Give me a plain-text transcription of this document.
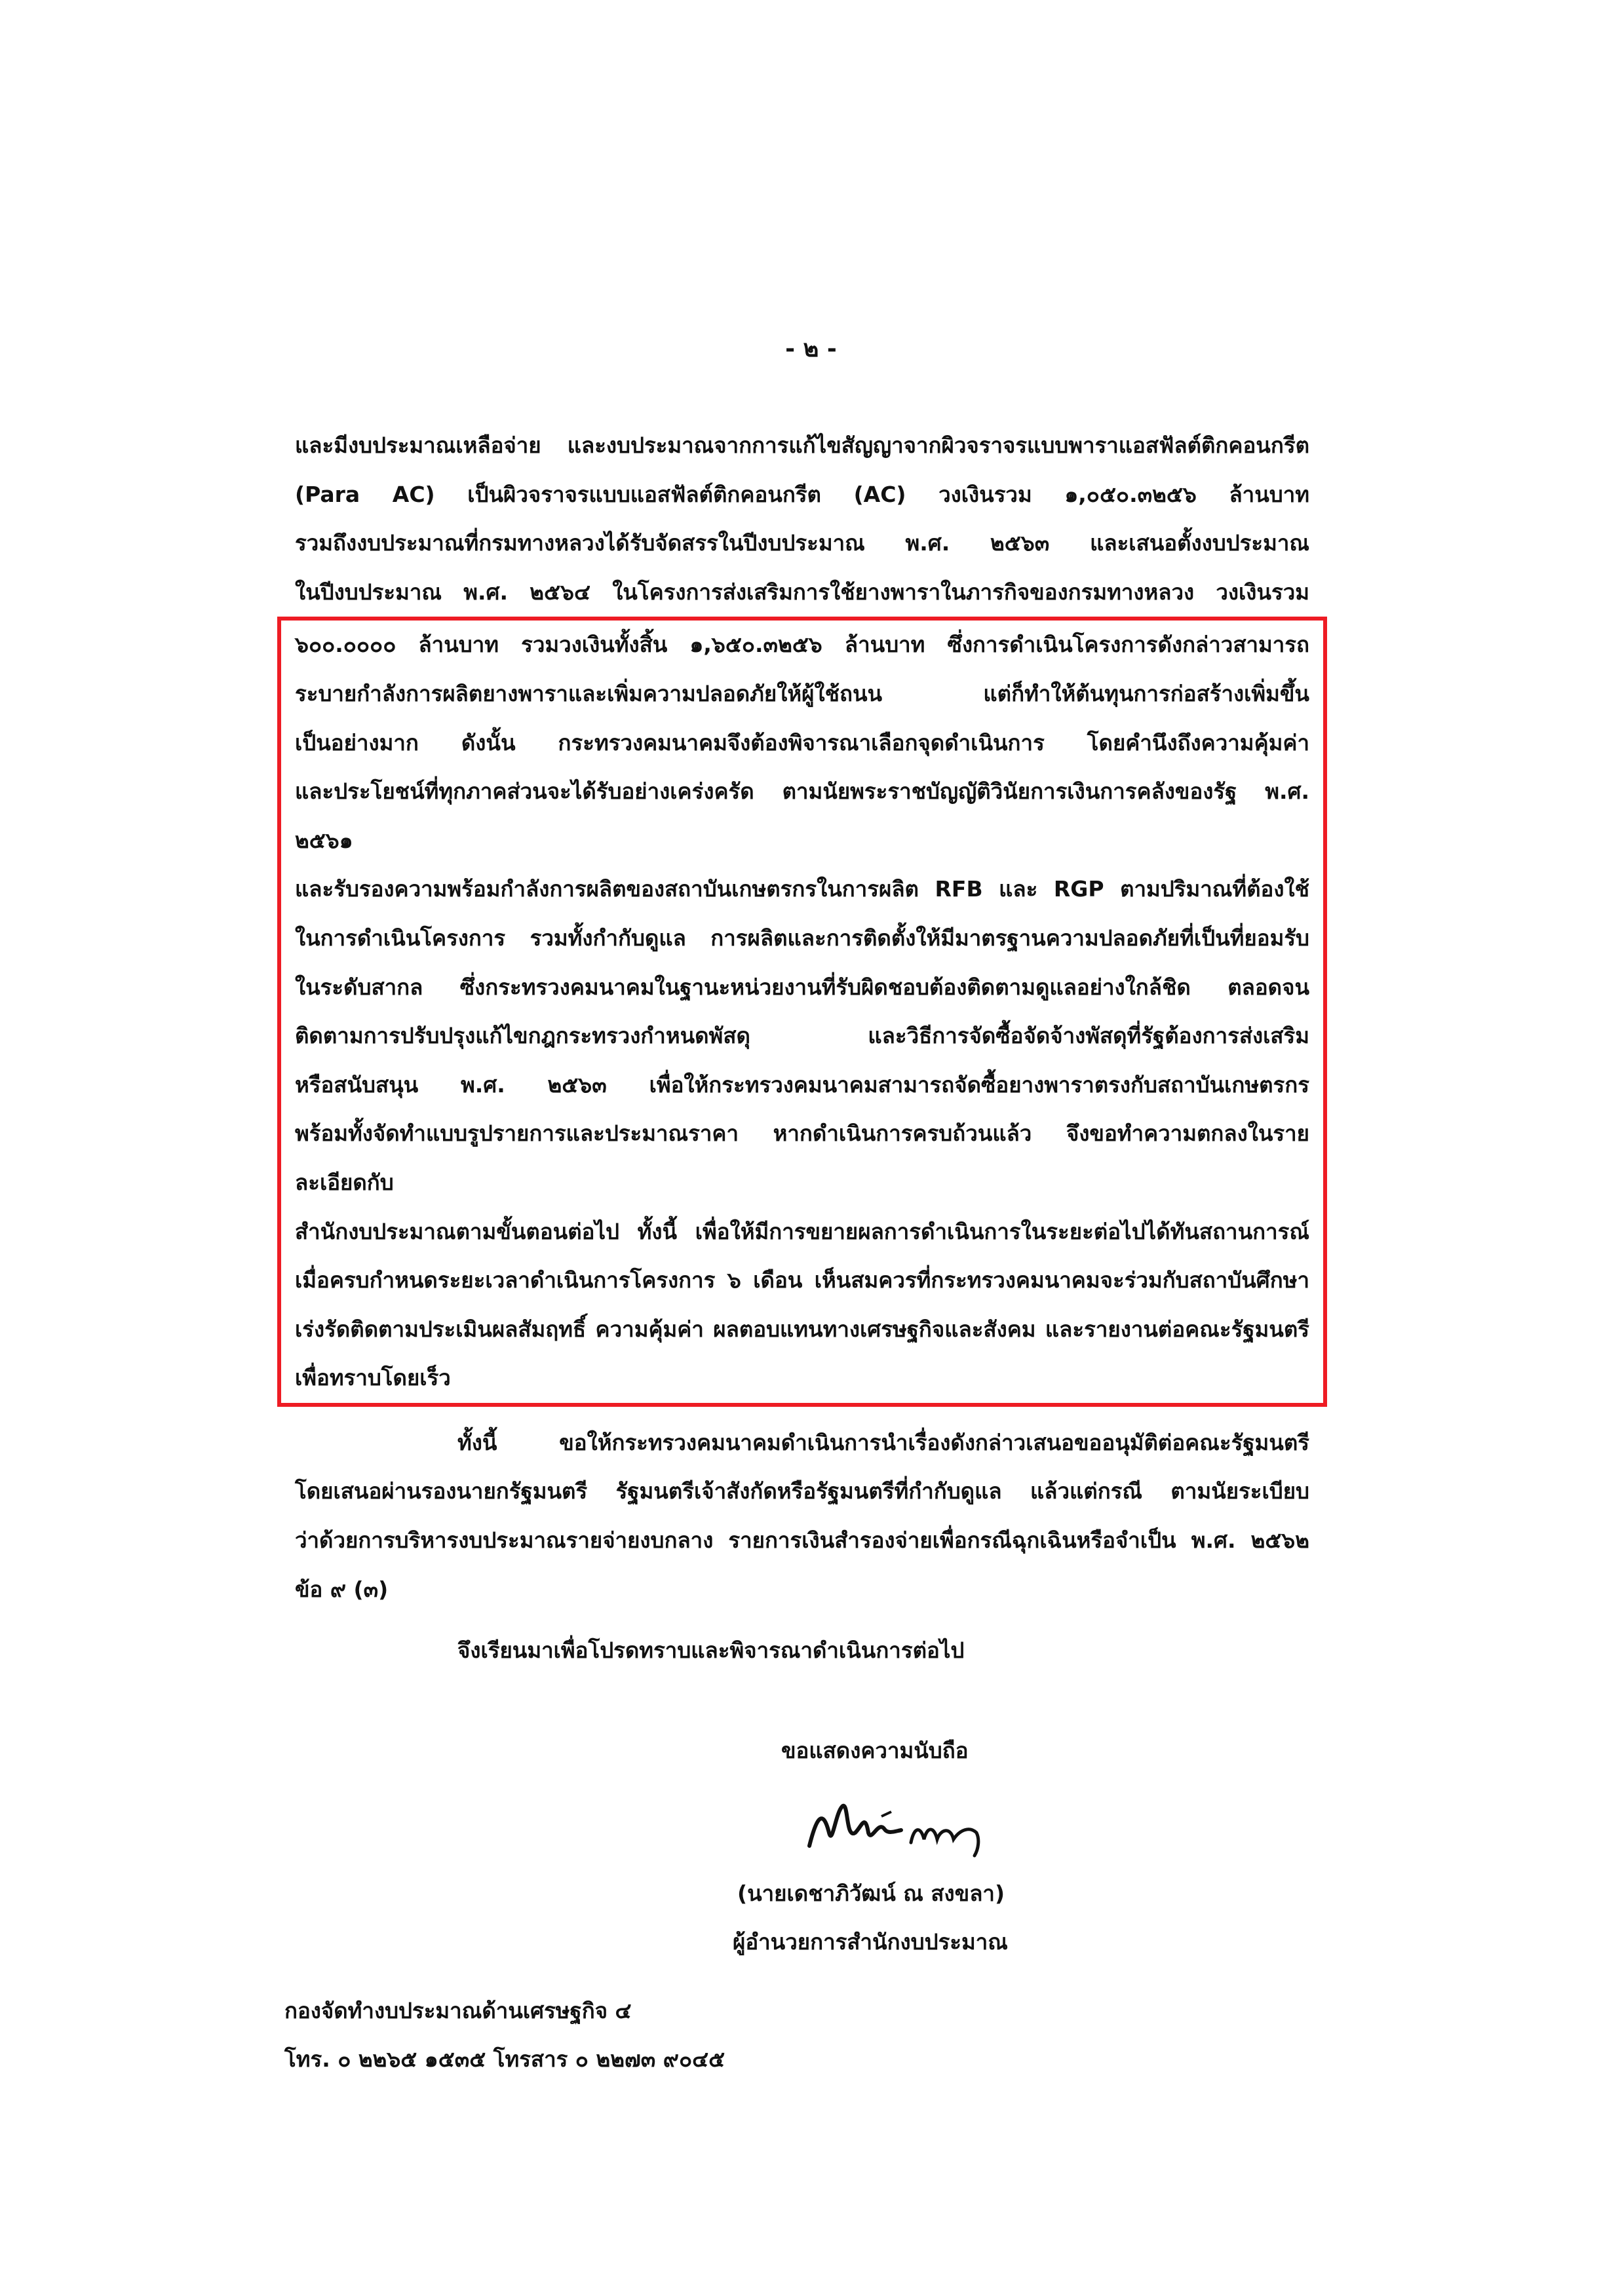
- ๒ -
และมีงบประมาณเหลือจ่าย และงบประมาณจากการแก้ไขสัญญาจากผิวจราจรแบบพาราแอสฟัลต์ติกคอนกรีต
(Para AC) เป็นผิวจราจรแบบแอสฟัลต์ติกคอนกรีต (AC) วงเงินรวม ๑,๐๕๐.๓๒๕๖ ล้านบาท
รวมถึงงบประมาณที่กรมทางหลวงได้รับจัดสรรในปีงบประมาณ พ.ศ. ๒๕๖๓ และเสนอตั้งงบประมาณ
ในปีงบประมาณ พ.ศ. ๒๕๖๔ ในโครงการส่งเสริมการใช้ยางพาราในภารกิจของกรมทางหลวง วงเงินรวม
๖๐๐.๐๐๐๐ ล้านบาท รวมวงเงินทั้งสิ้น ๑,๖๕๐.๓๒๕๖ ล้านบาท ซึ่งการดำเนินโครงการดังกล่าวสามารถ
ระบายกำลังการผลิตยางพาราและเพิ่มความปลอดภัยให้ผู้ใช้ถนน แต่ก็ทำให้ต้นทุนการก่อสร้างเพิ่มขึ้น
เป็นอย่างมาก ดังนั้น กระทรวงคมนาคมจึงต้องพิจารณาเลือกจุดดำเนินการ โดยคำนึงถึงความคุ้มค่า
และประโยชน์ที่ทุกภาคส่วนจะได้รับอย่างเคร่งครัด ตามนัยพระราชบัญญัติวินัยการเงินการคลังของรัฐ พ.ศ. ๒๕๖๑
และรับรองความพร้อมกำลังการผลิตของสถาบันเกษตรกรในการผลิต RFB และ RGP ตามปริมาณที่ต้องใช้
ในการดำเนินโครงการ รวมทั้งกำกับดูแล การผลิตและการติดตั้งให้มีมาตรฐานความปลอดภัยที่เป็นที่ยอมรับ
ในระดับสากล ซึ่งกระทรวงคมนาคมในฐานะหน่วยงานที่รับผิดชอบต้องติดตามดูแลอย่างใกล้ชิด ตลอดจน
ติดตามการปรับปรุงแก้ไขกฎกระทรวงกำหนดพัสดุ และวิธีการจัดซื้อจัดจ้างพัสดุที่รัฐต้องการส่งเสริม
หรือสนับสนุน พ.ศ. ๒๕๖๓ เพื่อให้กระทรวงคมนาคมสามารถจัดซื้อยางพาราตรงกับสถาบันเกษตรกร
พร้อมทั้งจัดทำแบบรูปรายการและประมาณราคา หากดำเนินการครบถ้วนแล้ว จึงขอทำความตกลงในรายละเอียดกับ
สำนักงบประมาณตามขั้นตอนต่อไป ทั้งนี้ เพื่อให้มีการขยายผลการดำเนินการในระยะต่อไปได้ทันสถานการณ์
เมื่อครบกำหนดระยะเวลาดำเนินการโครงการ ๖ เดือน เห็นสมควรที่กระทรวงคมนาคมจะร่วมกับสถาบันศึกษา
เร่งรัดติดตามประเมินผลสัมฤทธิ์ ความคุ้มค่า ผลตอบแทนทางเศรษฐกิจและสังคม และรายงานต่อคณะรัฐมนตรี
เพื่อทราบโดยเร็ว
ทั้งนี้ ขอให้กระทรวงคมนาคมดำเนินการนำเรื่องดังกล่าวเสนอขออนุมัติต่อคณะรัฐมนตรี
โดยเสนอผ่านรองนายกรัฐมนตรี รัฐมนตรีเจ้าสังกัดหรือรัฐมนตรีที่กำกับดูแล แล้วแต่กรณี ตามนัยระเบียบ
ว่าด้วยการบริหารงบประมาณรายจ่ายงบกลาง รายการเงินสำรองจ่ายเพื่อกรณีฉุกเฉินหรือจำเป็น พ.ศ. ๒๕๖๒
ข้อ ๙ (๓)
จึงเรียนมาเพื่อโปรดทราบและพิจารณาดำเนินการต่อไป
ขอแสดงความนับถือ
(นายเดชาภิวัฒน์ ณ สงขลา)
ผู้อำนวยการสำนักงบประมาณ
กองจัดทำงบประมาณด้านเศรษฐกิจ ๔
โทร. ๐ ๒๒๖๕ ๑๕๓๕ โทรสาร ๐ ๒๒๗๓ ๙๐๔๕
